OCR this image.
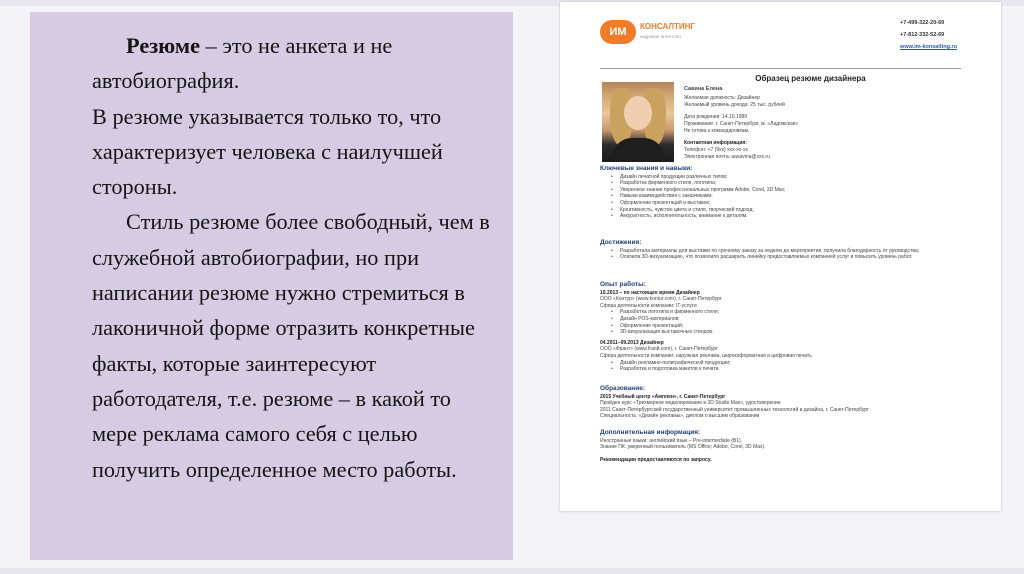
Резюме – это не анкета и не автобиография.

В резюме указывается только то, что характеризует человека с наилучшей стороны.

Стиль резюме более свободный, чем в служебной автобиографии, но при написании резюме нужно стремиться в лаконичной форме отразить конкретные факты, которые заинтересуют работодателя, т.е. резюме – в какой то мере реклама самого себя с целью получить определенное место работы.

ИМ	КОНСАЛТИНГ
кадровое агентство
+7-499-322-20-69
+7-812-332-52-69
www.im-konsalting.ru
Образец резюме дизайнера
Савина Елена
Желаемая должность: Дизайнер
Желаемый уровень дохода: 25 тыс. рублей
Дата рождения: 14.10.1989
Проживание: г. Санкт-Петербург, м. «Ладожская»
Не готова к командировкам.
Контактная информация:
Телефон: +7 (9хх) ххх-хх-хх
Электронная почта: aasavina@xxx.ru
Ключевые знания и навыки:
• Дизайн печатной продукции различных типов;
• Разработка фирменного стиля, логотипа;
• Уверенное знание профессиональных программ Adobe, Corel, 3D Max;
• Навыки взаимодействия с заказчиками;
• Оформление презентаций и выставок;
• Креативность, чувство цвета и стиля, творческий подход;
• Аккуратность, исполнительность, внимание к деталям.
Достижения:
• Разработала материалы для выставки по срочному заказу за неделю до мероприятия, получила благодарность от руководства;
• Освоила 3D-визуализацию, что позволило расширить линейку предоставляемых компанией услуг и повысить уровень работ.
Опыт работы:
10.2013 – по настоящее время Дизайнер
ООО «Контур» (www.kontur.com), г. Санкт-Петербург
Сфера деятельности компании: IT-услуги
• Разработка логотипа и фирменного стиля;
• Дизайн POS-материалов;
• Оформление презентаций;
• 3D-визуализация выставочных стендов.
04.2011–09.2013 Дизайнер
ООО «Франт» (www.frantt.com), г. Санкт-Петербург
Сфера деятельности компании: наружная реклама, широкоформатная и цифровая печать
• Дизайн рекламно-полиграфической продукции;
• Разработка и подготовка макетов к печати.
Образование:
2015 Учебный центр «Амплен», г. Санкт-Петербург
Пройден курс «Трехмерное моделирование в 3D Studio Max», удостоверение
2011 Санкт-Петербургский государственный университет промышленных технологий и дизайна, г. Санкт-Петербург
Специальность: «Дизайн рекламы», диплом о высшем образовании
Дополнительная информация:
Иностранные языки: английский язык – Pre-intermediate (B1).
Знание ПК: уверенный пользователь (MS Office; Adobe, Corel, 3D Max).
Рекомендации предоставляются по запросу.
